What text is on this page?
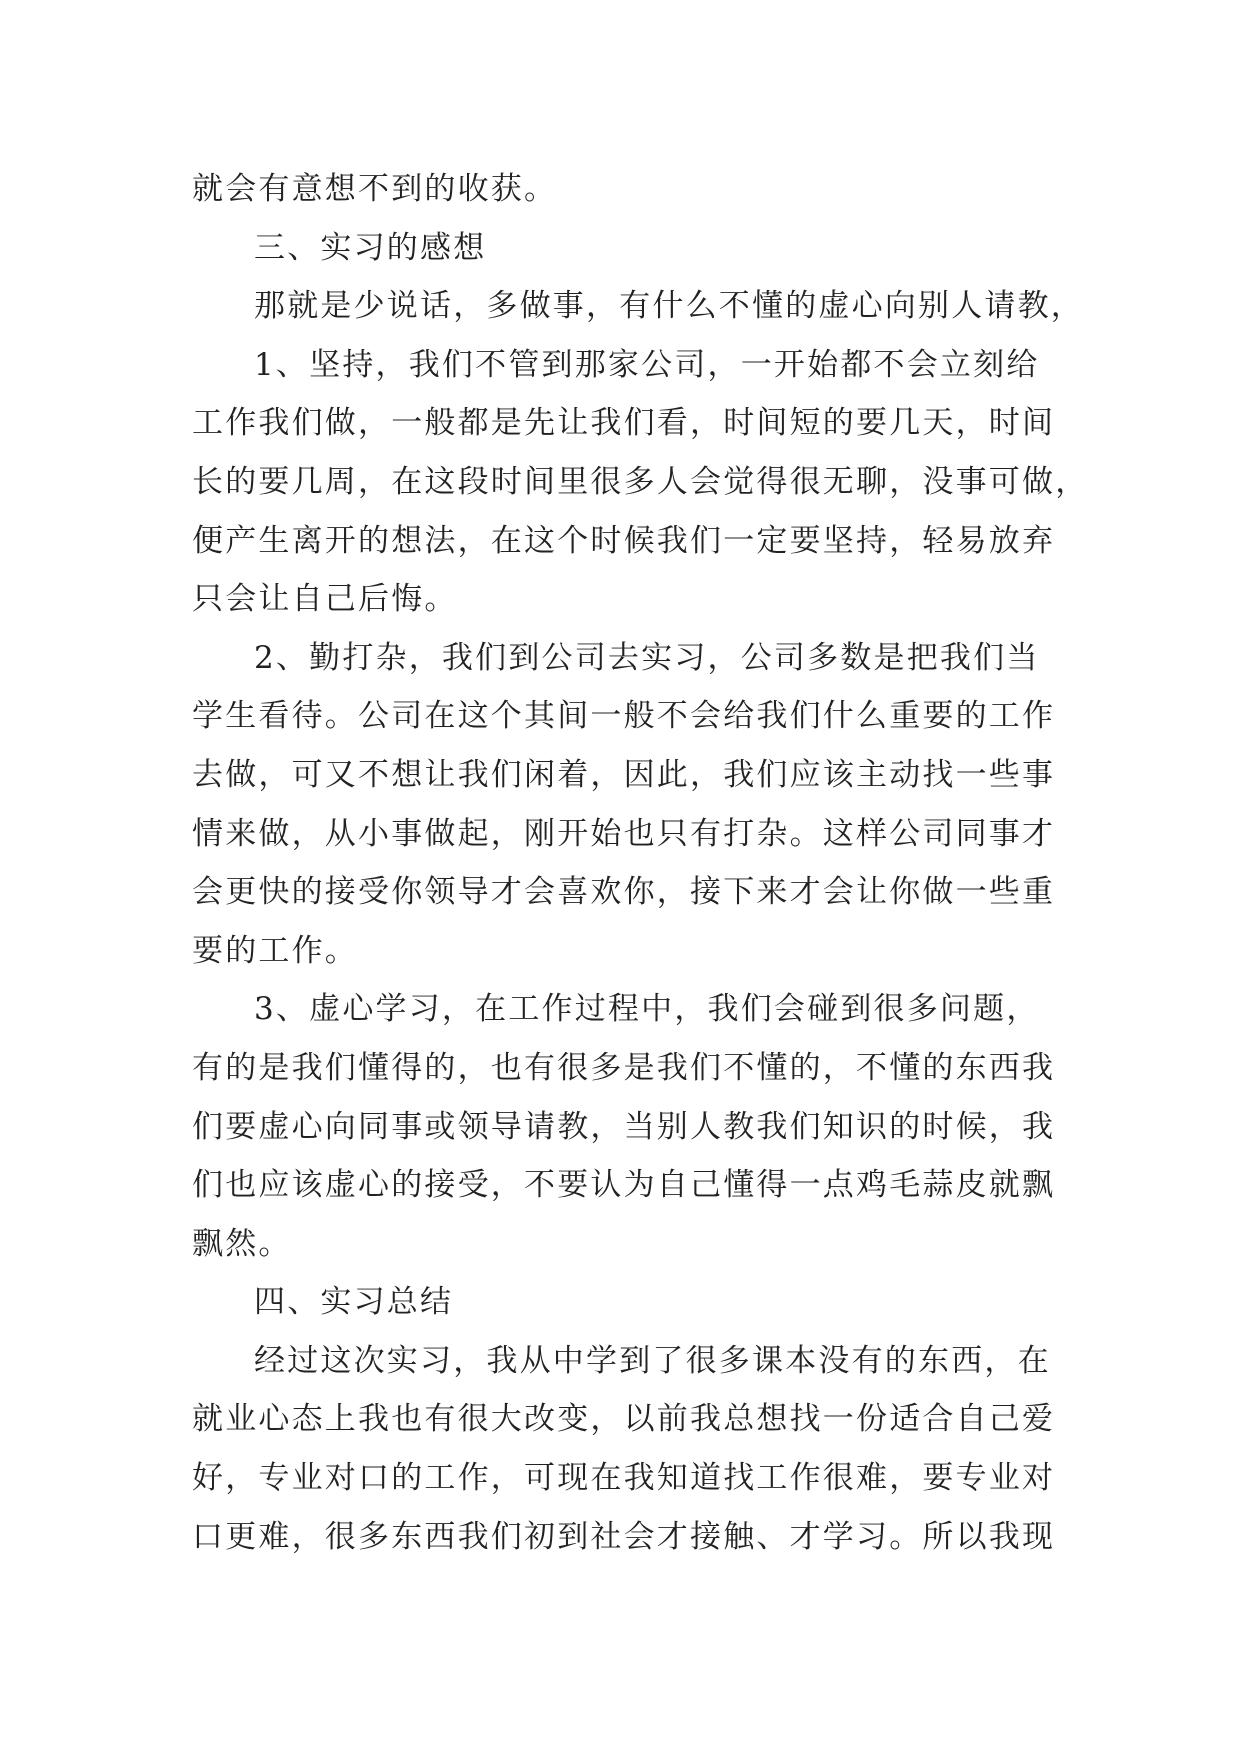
就会有意想不到的收获。
三、实习的感想
那就是少说话，多做事，有什么不懂的虚心向别人请教，
1、坚持，我们不管到那家公司，一开始都不会立刻给
工作我们做，一般都是先让我们看，时间短的要几天，时间
长的要几周，在这段时间里很多人会觉得很无聊，没事可做，
便产生离开的想法，在这个时候我们一定要坚持，轻易放弃
只会让自己后悔。
2、勤打杂，我们到公司去实习，公司多数是把我们当
学生看待。公司在这个其间一般不会给我们什么重要的工作
去做，可又不想让我们闲着，因此，我们应该主动找一些事
情来做，从小事做起，刚开始也只有打杂。这样公司同事才
会更快的接受你领导才会喜欢你，接下来才会让你做一些重
要的工作。
3、虚心学习，在工作过程中，我们会碰到很多问题，
有的是我们懂得的，也有很多是我们不懂的，不懂的东西我
们要虚心向同事或领导请教，当别人教我们知识的时候，我
们也应该虚心的接受，不要认为自己懂得一点鸡毛蒜皮就飘
飘然。
四、实习总结
经过这次实习，我从中学到了很多课本没有的东西，在
就业心态上我也有很大改变，以前我总想找一份适合自己爱
好，专业对口的工作，可现在我知道找工作很难，要专业对
口更难，很多东西我们初到社会才接触、才学习。所以我现
